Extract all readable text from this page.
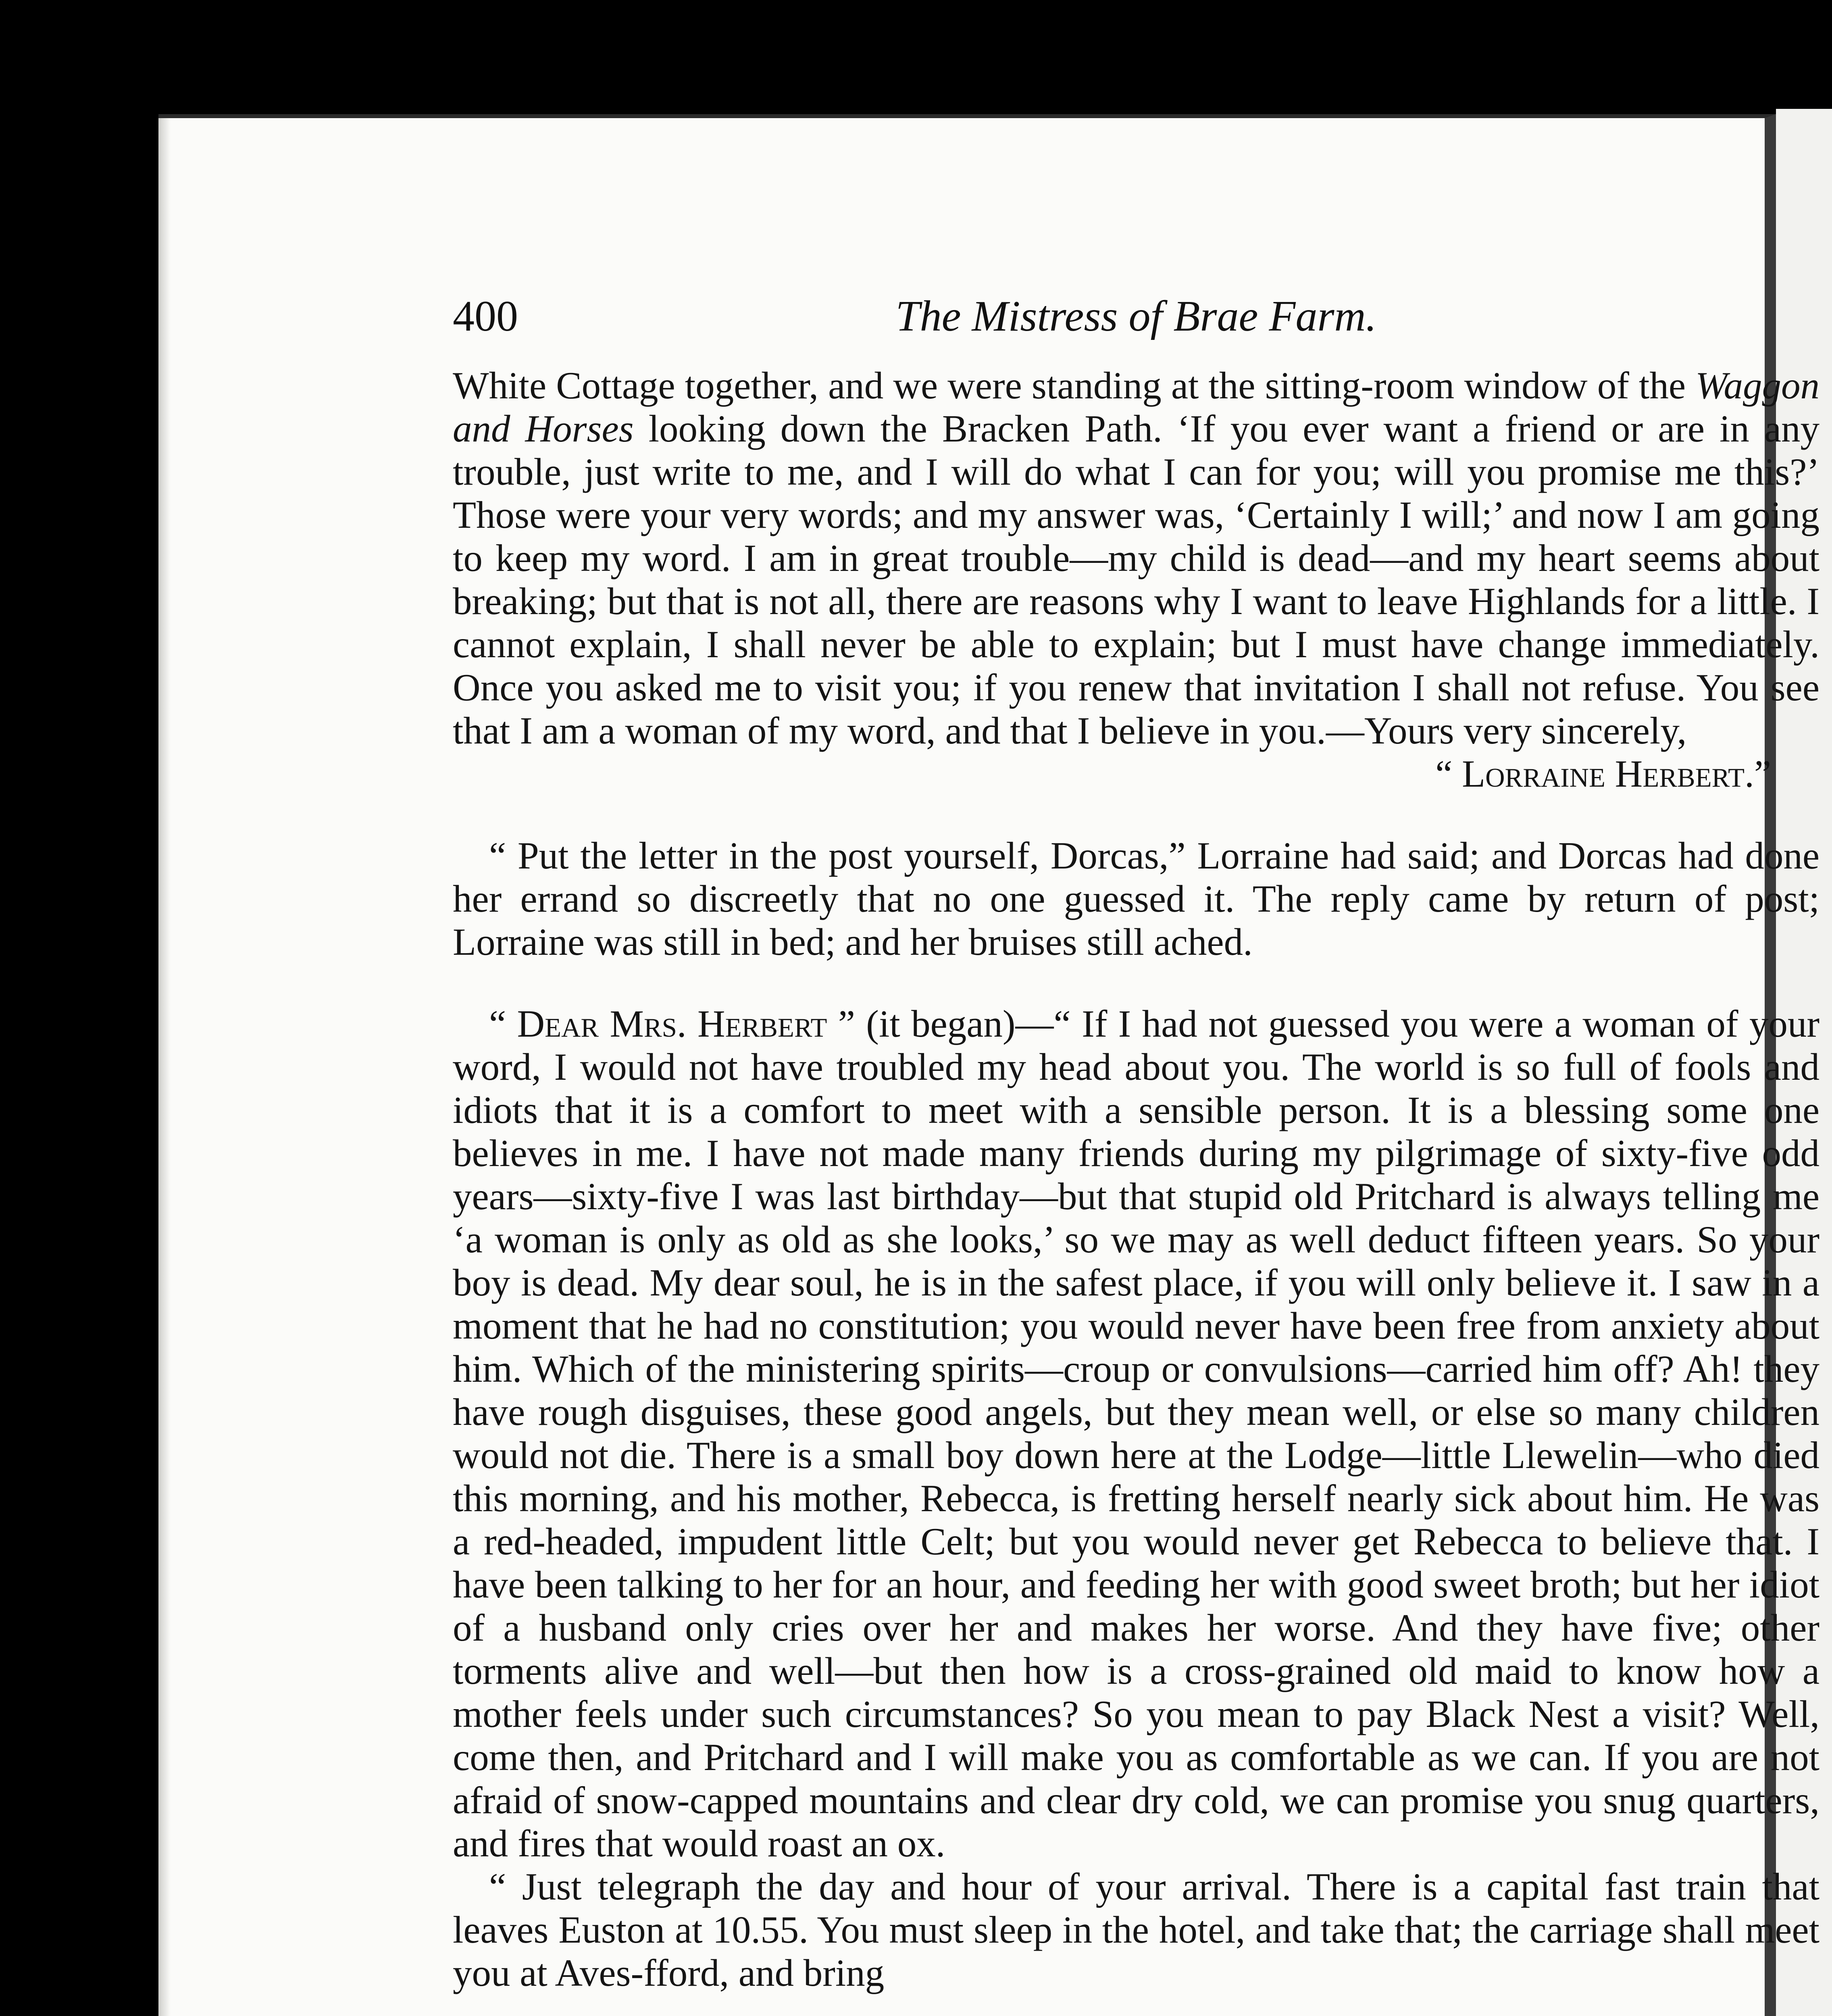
400	The Mistress of Brae Farm.

White Cottage together, and we were standing at the sitting-room window of the Waggon and Horses looking down the Bracken Path. ‘If you ever want a friend or are in any trouble, just write to me, and I will do what I can for you; will you promise me this?’ Those were your very words; and my answer was, ‘Certainly I will;’ and now I am going to keep my word. I am in great trouble—my child is dead—and my heart seems about breaking; but that is not all, there are reasons why I want to leave Highlands for a little. I cannot explain, I shall never be able to explain; but I must have change immediately. Once you asked me to visit you; if you renew that invitation I shall not refuse. You see that I am a woman of my word, and that I believe in you.—Yours very sincerely,

“ Lorraine Herbert.”

“ Put the letter in the post yourself, Dorcas,” Lorraine had said; and Dorcas had done her errand so discreetly that no one guessed it. The reply came by return of post; Lorraine was still in bed; and her bruises still ached.

“ Dear Mrs. Herbert ” (it began)—“ If I had not guessed you were a woman of your word, I would not have troubled my head about you. The world is so full of fools and idiots that it is a comfort to meet with a sensible person. It is a blessing some one believes in me. I have not made many friends during my pilgrimage of sixty-five odd years—sixty-five I was last birthday—but that stupid old Pritchard is always telling me ‘a woman is only as old as she looks,’ so we may as well deduct fifteen years. So your boy is dead. My dear soul, he is in the safest place, if you will only believe it. I saw in a moment that he had no constitution; you would never have been free from anxiety about him. Which of the ministering spirits—croup or convulsions—carried him off? Ah! they have rough disguises, these good angels, but they mean well, or else so many children would not die. There is a small boy down here at the Lodge—little Llewelin—who died this morning, and his mother, Rebecca, is fretting herself nearly sick about him. He was a red-headed, impudent little Celt; but you would never get Rebecca to believe that. I have been talking to her for an hour, and feeding her with good sweet broth; but her idiot of a husband only cries over her and makes her worse. And they have five; other torments alive and well—but then how is a cross-grained old maid to know how a mother feels under such circumstances? So you mean to pay Black Nest a visit? Well, come then, and Pritchard and I will make you as comfortable as we can. If you are not afraid of snow-capped mountains and clear dry cold, we can promise you snug quarters, and fires that would roast an ox.

“ Just telegraph the day and hour of your arrival. There is a capital fast train that leaves Euston at 10.55. You must sleep in the hotel, and take that; the carriage shall meet you at Aves-fford, and bring
